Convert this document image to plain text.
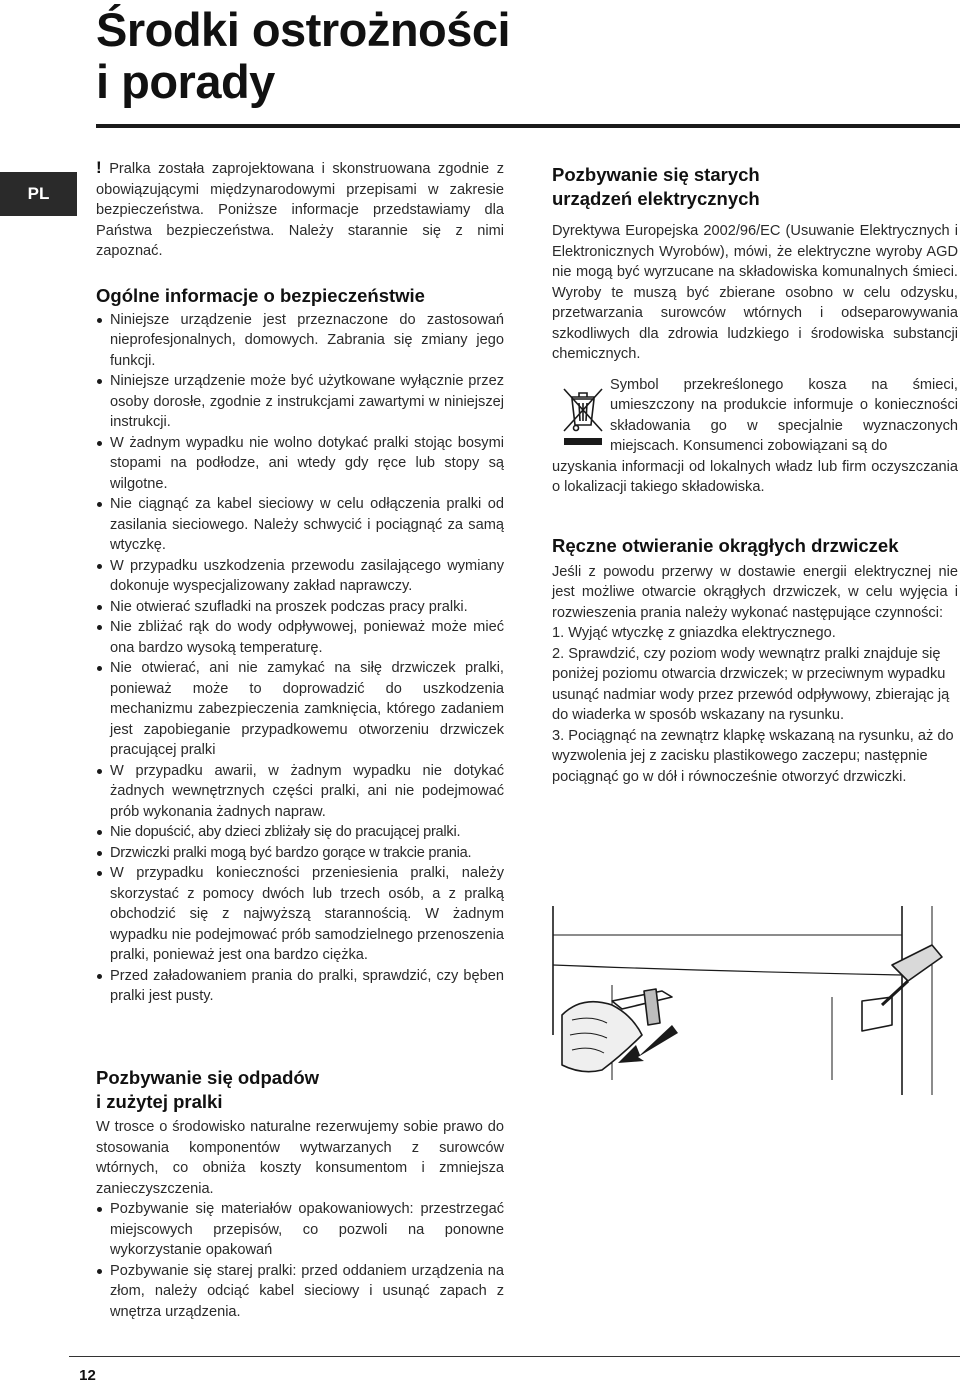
Środki ostrożności
i porady
PL

! Pralka została zaprojektowana i skonstruowana zgodnie z obowiązującymi międzynarodowymi przepisami w zakresie bezpieczeństwa. Poniższe informacje przedstawiamy dla Państwa bezpieczeństwa. Należy starannie się z nimi zapoznać.

Ogólne informacje o bezpieczeństwie
Niniejsze urządzenie jest przeznaczone do zastosowań nieprofesjonalnych, domowych. Zabrania się zmiany jego funkcji.
Niniejsze urządzenie może być użytkowane wyłącznie przez osoby dorosłe, zgodnie z instrukcjami zawartymi w niniejszej instrukcji.
W żadnym wypadku nie wolno dotykać pralki stojąc bosymi stopami na podłodze, ani wtedy gdy ręce lub stopy są wilgotne.
Nie ciągnąć za kabel sieciowy w celu odłączenia pralki od zasilania sieciowego. Należy schwycić i pociągnąć za samą wtyczkę.
W przypadku uszkodzenia przewodu zasilającego wymiany dokonuje wyspecjalizowany zakład naprawczy.
Nie otwierać szufladki na proszek podczas pracy pralki.
Nie zbliżać rąk do wody odpływowej, ponieważ może mieć ona bardzo wysoką temperaturę.
Nie otwierać, ani nie zamykać na siłę drzwiczek pralki, ponieważ może to doprowadzić do uszkodzenia mechanizmu zabezpieczenia zamknięcia, którego zadaniem jest zapobieganie przypadkowemu otworzeniu drzwiczek pracującej pralki
W przypadku awarii, w żadnym wypadku nie dotykać żadnych wewnętrznych części pralki, ani nie podejmować prób wykonania żadnych napraw.
Nie dopuścić, aby dzieci zbliżały się do pracującej pralki.
Drzwiczki pralki mogą być bardzo gorące w trakcie prania.
W przypadku konieczności przeniesienia pralki, należy skorzystać z pomocy dwóch lub trzech osób, a z pralką obchodzić się z najwyższą starannością. W żadnym wypadku nie podejmować prób samodzielnego przenoszenia pralki, ponieważ jest ona bardzo ciężka.
Przed załadowaniem prania do pralki, sprawdzić, czy bęben pralki jest pusty.
Pozbywanie się odpadów
i zużytej pralki

W trosce o środowisko naturalne rezerwujemy sobie prawo do stosowania komponentów wytwarzanych z surowców wtórnych, co obniża koszty konsumentom i zmniejsza zanieczyszczenia.

Pozbywanie się materiałów opakowaniowych: przestrzegać miejscowych przepisów, co pozwoli na ponowne wykorzystanie opakowań
Pozbywanie się starej pralki: przed oddaniem urządzenia na złom, należy odciąć kabel sieciowy i usunąć zapach z wnętrza urządzenia.
Pozbywanie się starych
urządzeń elektrycznych

Dyrektywa Europejska 2002/96/EC (Usuwanie Elektrycznych i Elektronicznych Wyrobów), mówi, że elektryczne wyroby AGD nie mogą być wyrzucane na składowiska komunalnych śmieci. Wyroby te muszą być zbierane osobno w celu odzysku, przetwarzania surowców wtórnych i odseparowywania szkodliwych dla zdrowia ludzkiego i środowiska substancji chemicznych.

Symbol przekreślonego kosza na śmieci, umieszczony na produkcie informuje o konieczności składowania go w specjalnie wyznaczonych miejscach. Konsumenci zobowiązani są do

uzyskania informacji od lokalnych władz lub firm oczyszczania o lokalizacji takiego składowiska.

Ręczne otwieranie okrągłych drzwiczek

Jeśli z powodu przerwy w dostawie energii elektrycznej nie jest możliwe otwarcie okrągłych drzwiczek, w celu wyjęcia i rozwieszenia prania należy wykonać następujące czynności:

1. Wyjąć wtyczkę z gniazdka elektrycznego.

2. Sprawdzić, czy poziom wody wewnątrz pralki znajduje się poniżej poziomu otwarcia drzwiczek; w przeciwnym wypadku usunąć nadmiar wody przez przewód odpływowy, zbierając ją do wiaderka w sposób wskazany na rysunku.

3. Pociągnąć na zewnątrz klapkę wskazaną na rysunku, aż do wyzwolenia jej z zacisku plastikowego zaczepu; następnie pociągnąć go w dół i równocześnie otworzyć drzwiczki.

12
